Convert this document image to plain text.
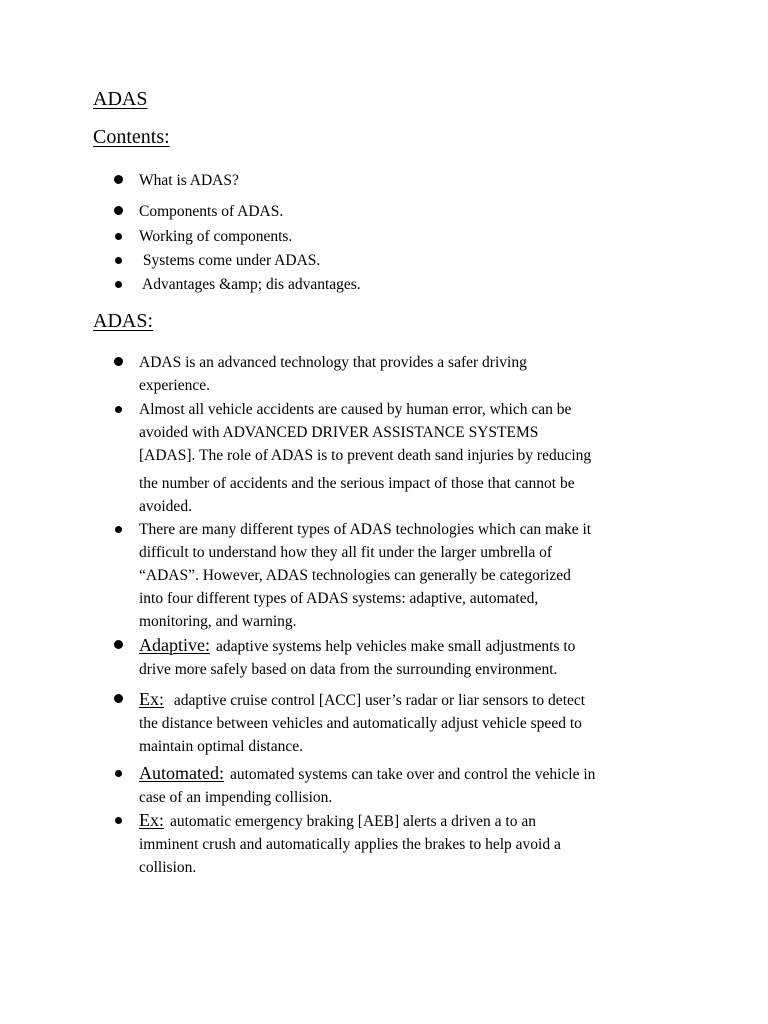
ADAS
Contents:
What is ADAS?
Components of ADAS.
Working of components.
Systems come under ADAS.
Advantages &amp; dis advantages.
ADAS:
ADAS is an advanced technology that provides a safer driving
experience.
Almost all vehicle accidents are caused by human error, which can be
avoided with ADVANCED DRIVER ASSISTANCE SYSTEMS
[ADAS]. The role of ADAS is to prevent death sand injuries by reducing
the number of accidents and the serious impact of those that cannot be
avoided.
There are many different types of ADAS technologies which can make it
difficult to understand how they all fit under the larger umbrella of
“ADAS”. However, ADAS technologies can generally be categorized
into four different types of ADAS systems: adaptive, automated,
monitoring, and warning.
Adaptive: adaptive systems help vehicles make small adjustments to
drive more safely based on data from the surrounding environment.
Ex: adaptive cruise control [ACC] user’s radar or liar sensors to detect
the distance between vehicles and automatically adjust vehicle speed to
maintain optimal distance.
Automated: automated systems can take over and control the vehicle in
case of an impending collision.
Ex: automatic emergency braking [AEB] alerts a driven a to an
imminent crush and automatically applies the brakes to help avoid a
collision.
